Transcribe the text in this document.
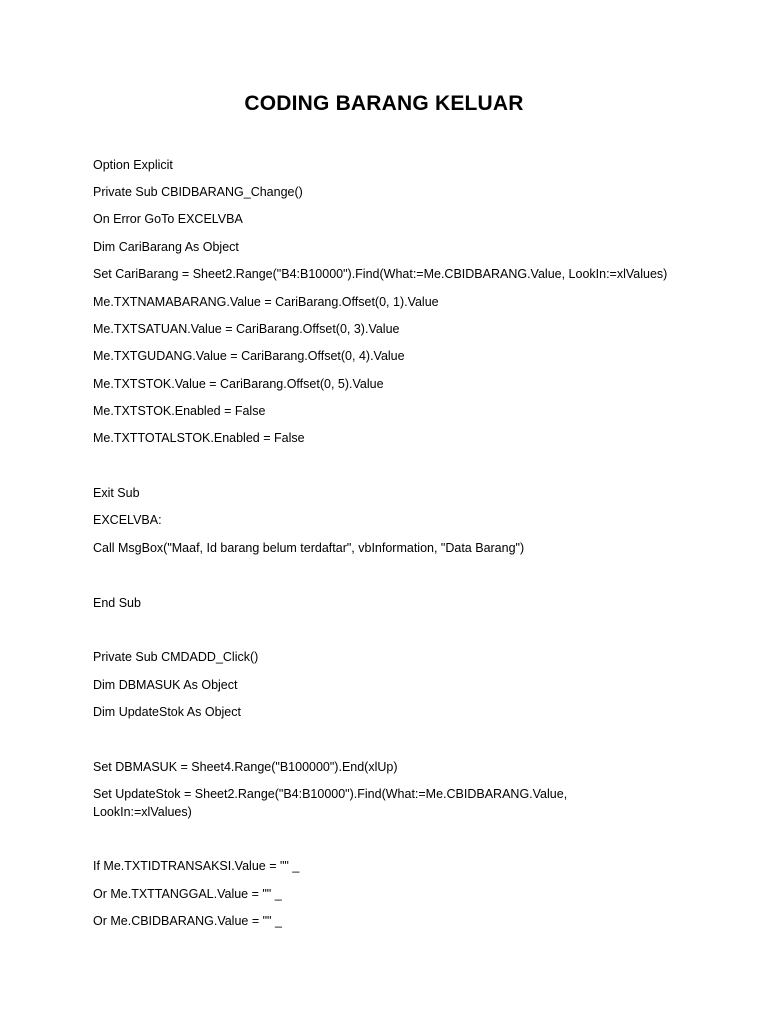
CODING BARANG KELUAR
Option Explicit
Private Sub CBIDBARANG_Change()
On Error GoTo EXCELVBA
Dim CariBarang As Object
Set CariBarang = Sheet2.Range("B4:B10000").Find(What:=Me.CBIDBARANG.Value, LookIn:=xlValues)
Me.TXTNAMABARANG.Value = CariBarang.Offset(0, 1).Value
Me.TXTSATUAN.Value = CariBarang.Offset(0, 3).Value
Me.TXTGUDANG.Value = CariBarang.Offset(0, 4).Value
Me.TXTSTOK.Value = CariBarang.Offset(0, 5).Value
Me.TXTSTOK.Enabled = False
Me.TXTTOTALSTOK.Enabled = False
Exit Sub
EXCELVBA:
Call MsgBox("Maaf, Id barang belum terdaftar", vbInformation, "Data Barang")
End Sub
Private Sub CMDADD_Click()
Dim DBMASUK As Object
Dim UpdateStok As Object
Set DBMASUK = Sheet4.Range("B100000").End(xlUp)
Set UpdateStok = Sheet2.Range("B4:B10000").Find(What:=Me.CBIDBARANG.Value, LookIn:=xlValues)
If Me.TXTIDTRANSAKSI.Value = "" _
Or Me.TXTTANGGAL.Value = "" _
Or Me.CBIDBARANG.Value = "" _
